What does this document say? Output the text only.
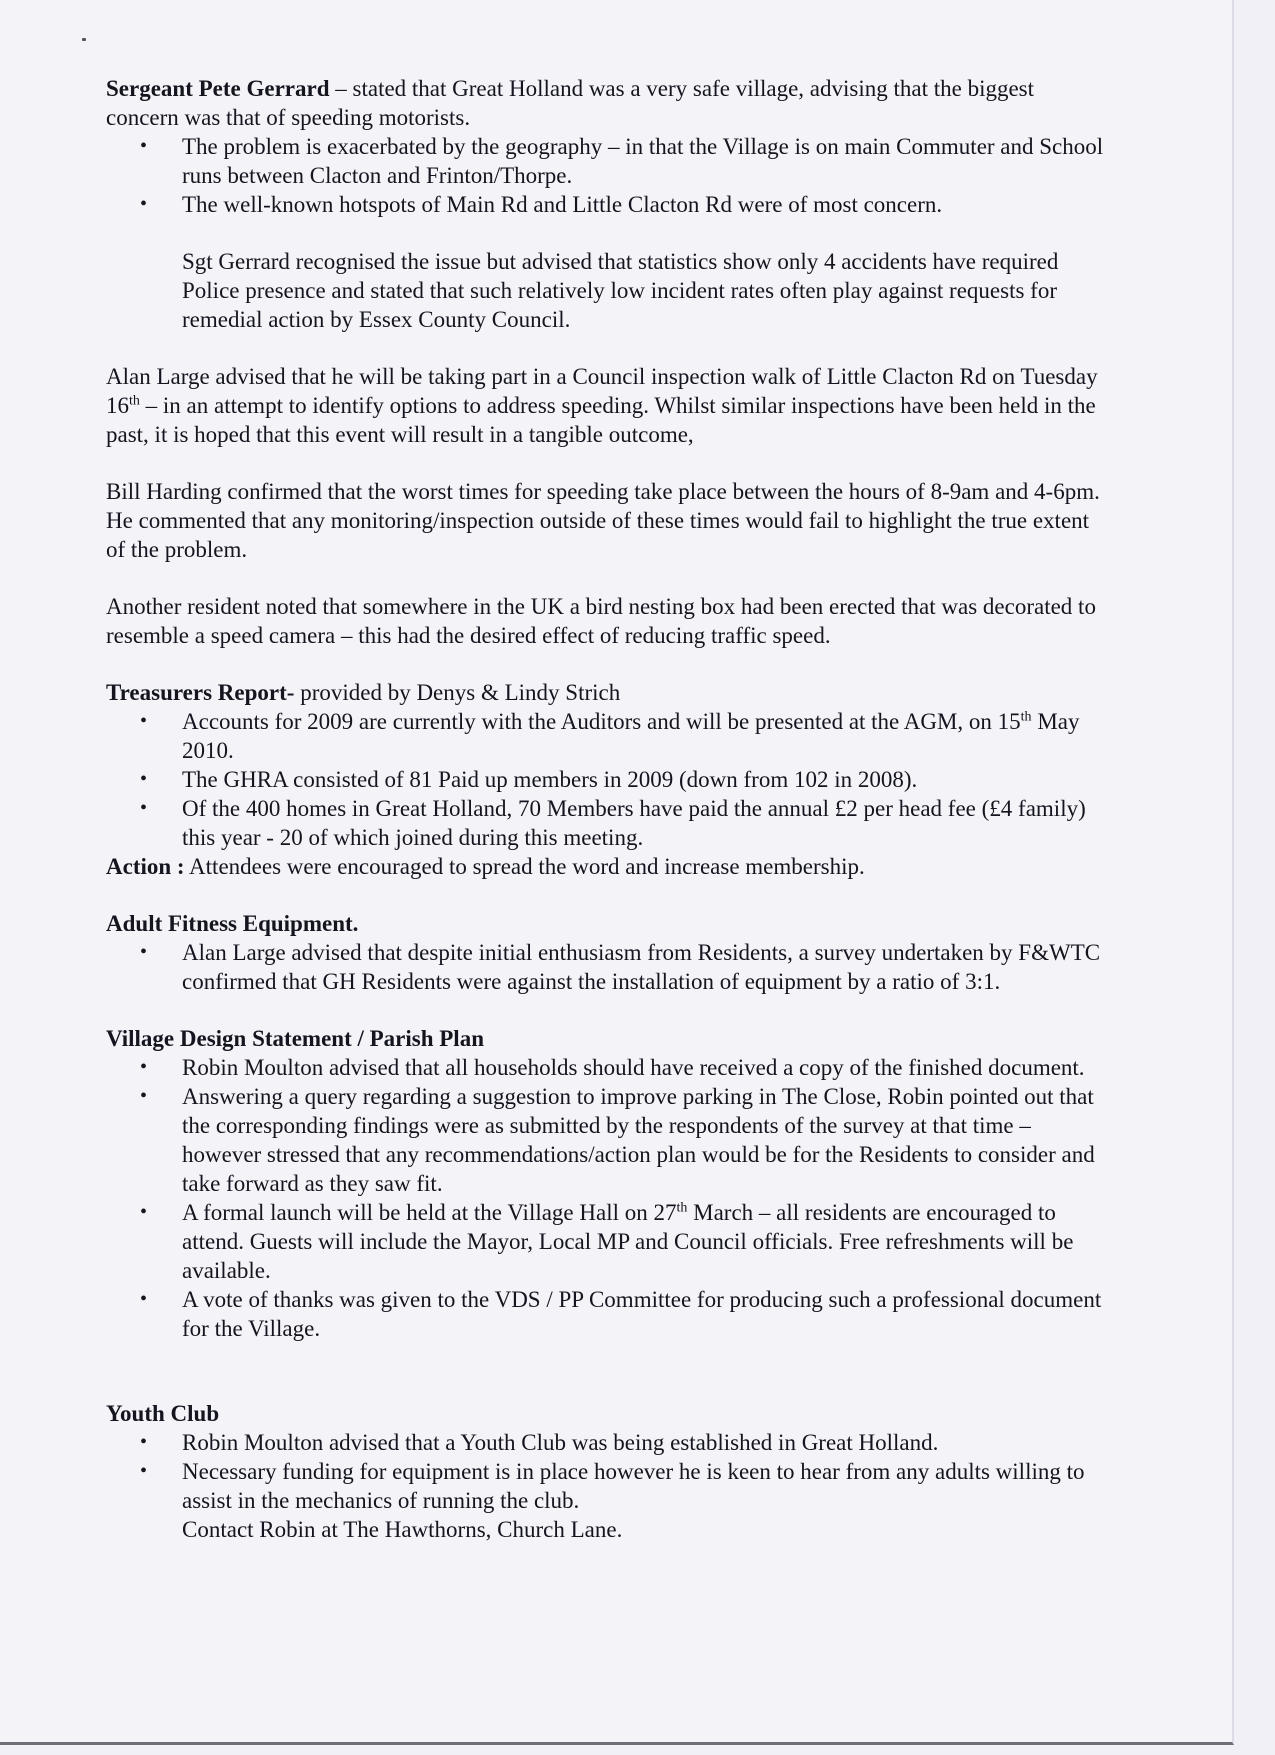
Sergeant Pete Gerrard – stated that Great Holland was a very safe village, advising that the biggest concern was that of speeding motorists.

• The problem is exacerbated by the geography – in that the Village is on main Commuter and School runs between Clacton and Frinton/Thorpe.
• The well-known hotspots of Main Rd and Little Clacton Rd were of most concern.

Sgt Gerrard recognised the issue but advised that statistics show only 4 accidents have required Police presence and stated that such relatively low incident rates often play against requests for remedial action by Essex County Council.

Alan Large advised that he will be taking part in a Council inspection walk of Little Clacton Rd on Tuesday 16th – in an attempt to identify options to address speeding. Whilst similar inspections have been held in the past, it is hoped that this event will result in a tangible outcome,

Bill Harding confirmed that the worst times for speeding take place between the hours of 8-9am and 4-6pm. He commented that any monitoring/inspection outside of these times would fail to highlight the true extent of the problem.

Another resident noted that somewhere in the UK a bird nesting box had been erected that was decorated to resemble a speed camera – this had the desired effect of reducing traffic speed.

Treasurers Report- provided by Denys & Lindy Strich

• Accounts for 2009 are currently with the Auditors and will be presented at the AGM, on 15th May 2010.
• The GHRA consisted of 81 Paid up members in 2009 (down from 102 in 2008).
• Of the 400 homes in Great Holland, 70 Members have paid the annual £2 per head fee (£4 family) this year - 20 of which joined during this meeting.

Action : Attendees were encouraged to spread the word and increase membership.

Adult Fitness Equipment.

• Alan Large advised that despite initial enthusiasm from Residents, a survey undertaken by F&WTC confirmed that GH Residents were against the installation of equipment by a ratio of 3:1.

Village Design Statement / Parish Plan

• Robin Moulton advised that all households should have received a copy of the finished document.
• Answering a query regarding a suggestion to improve parking in The Close, Robin pointed out that the corresponding findings were as submitted by the respondents of the survey at that time – however stressed that any recommendations/action plan would be for the Residents to consider and take forward as they saw fit.
• A formal launch will be held at the Village Hall on 27th March – all residents are encouraged to attend. Guests will include the Mayor, Local MP and Council officials. Free refreshments will be available.
• A vote of thanks was given to the VDS / PP Committee for producing such a professional document for the Village.

Youth Club

• Robin Moulton advised that a Youth Club was being established in Great Holland.
• Necessary funding for equipment is in place however he is keen to hear from any adults willing to assist in the mechanics of running the club.
Contact Robin at The Hawthorns, Church Lane.
